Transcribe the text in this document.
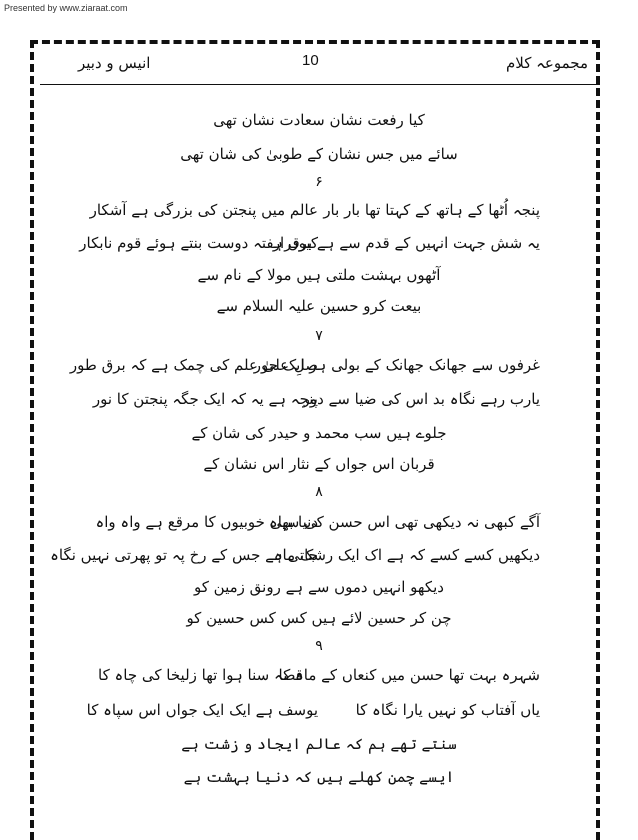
Presented by www.ziaraat.com
انیس و دبیر	10	مجموعہ کلام
کیا رفعت نشان سعادت نشان تھی
سائے میں جس نشان کے طوبیٰ کی شان تھی
۶
پنجہ اُٹھا کے ہاتھ کے کہتا تھا بار بار
عالم میں پنجتن کی بزرگی ہے آشکار
یہ شش جہت انہیں کے قدم سے ہے برقرار
کیوں ہفتہ دوست بنتے ہوئے قوم نابکار
آٹھوں بہشت ملتی ہیں مولا کے نام سے
بیعت کرو حسین علیہ السلام سے
۷
غرفوں سے جھانک جھانک کے بولی ہر ایک حور
صلِ علیٰ علم کی چمک ہے کہ برق طور
یارب رہے نگاہ بد اس کی ضیا سے دور
پنجہ ہے یہ کہ ایک جگہ پنجتن کا نور
جلوے ہیں سب محمد و حیدر کی شان کے
قربان اس جواں کے نثار اس نشان کے
۸
آگے کبھی نہ دیکھی تھی اس حسن کی سپاہ
دنیا بھی خوبیوں کا مرقع ہے واہ واہ
دیکھیں کسے کسے کہ ہے اک ایک رشک ماہ
جاتی ہے جس کے رخ پہ تو پھرتی نہیں نگاہ
دیکھو انہیں دموں سے ہے رونق زمین کو
چن کر حسین لائے ہیں کس کس حسین کو
۹
شہرہ بہت تھا حسن میں کنعاں کے ماہ کا
قصہ سنا ہوا تھا زلیخا کی چاہ کا
یاں آفتاب کو نہیں یارا نگاہ کا
یوسف ہے ایک ایک جواں اس سپاہ کا
سنتے تھے ہم کہ عالم ایجاد و زشت ہے
ایسے چمن کھلے ہیں کہ دنیا بہشت ہے
